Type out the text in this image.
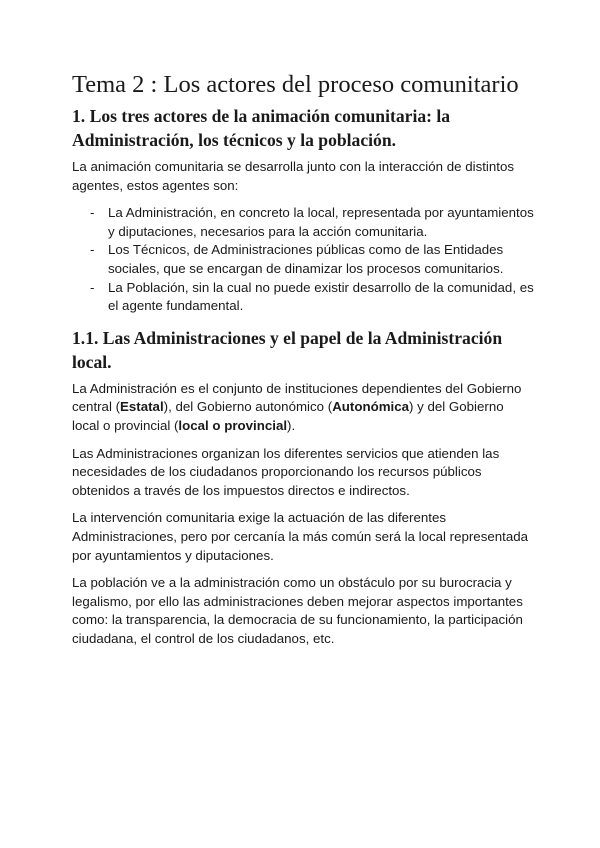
Tema 2 : Los actores del proceso comunitario
1. Los tres actores de la animación comunitaria: la Administración, los técnicos y la población.

La animación comunitaria se desarrolla junto con la interacción de distintos agentes, estos agentes son:

- La Administración, en concreto la local, representada por ayuntamientos y diputaciones, necesarios para la acción comunitaria.
- Los Técnicos, de Administraciones públicas como de las Entidades sociales, que se encargan de dinamizar los procesos comunitarios.
- La Población, sin la cual no puede existir desarrollo de la comunidad, es el agente fundamental.
1.1. Las Administraciones y el papel de la Administración local.

La Administración es el conjunto de instituciones dependientes del Gobierno central (Estatal), del Gobierno autonómico (Autonómica) y del Gobierno local o provincial (local o provincial).

Las Administraciones organizan los diferentes servicios que atienden las necesidades de los ciudadanos proporcionando los recursos públicos obtenidos a través de los impuestos directos e indirectos.

La intervención comunitaria exige la actuación de las diferentes Administraciones, pero por cercanía la más común será la local representada por ayuntamientos y diputaciones.

La población ve a la administración como un obstáculo por su burocracia y legalismo, por ello las administraciones deben mejorar aspectos importantes como: la transparencia, la democracia de su funcionamiento, la participación ciudadana, el control de los ciudadanos, etc.
